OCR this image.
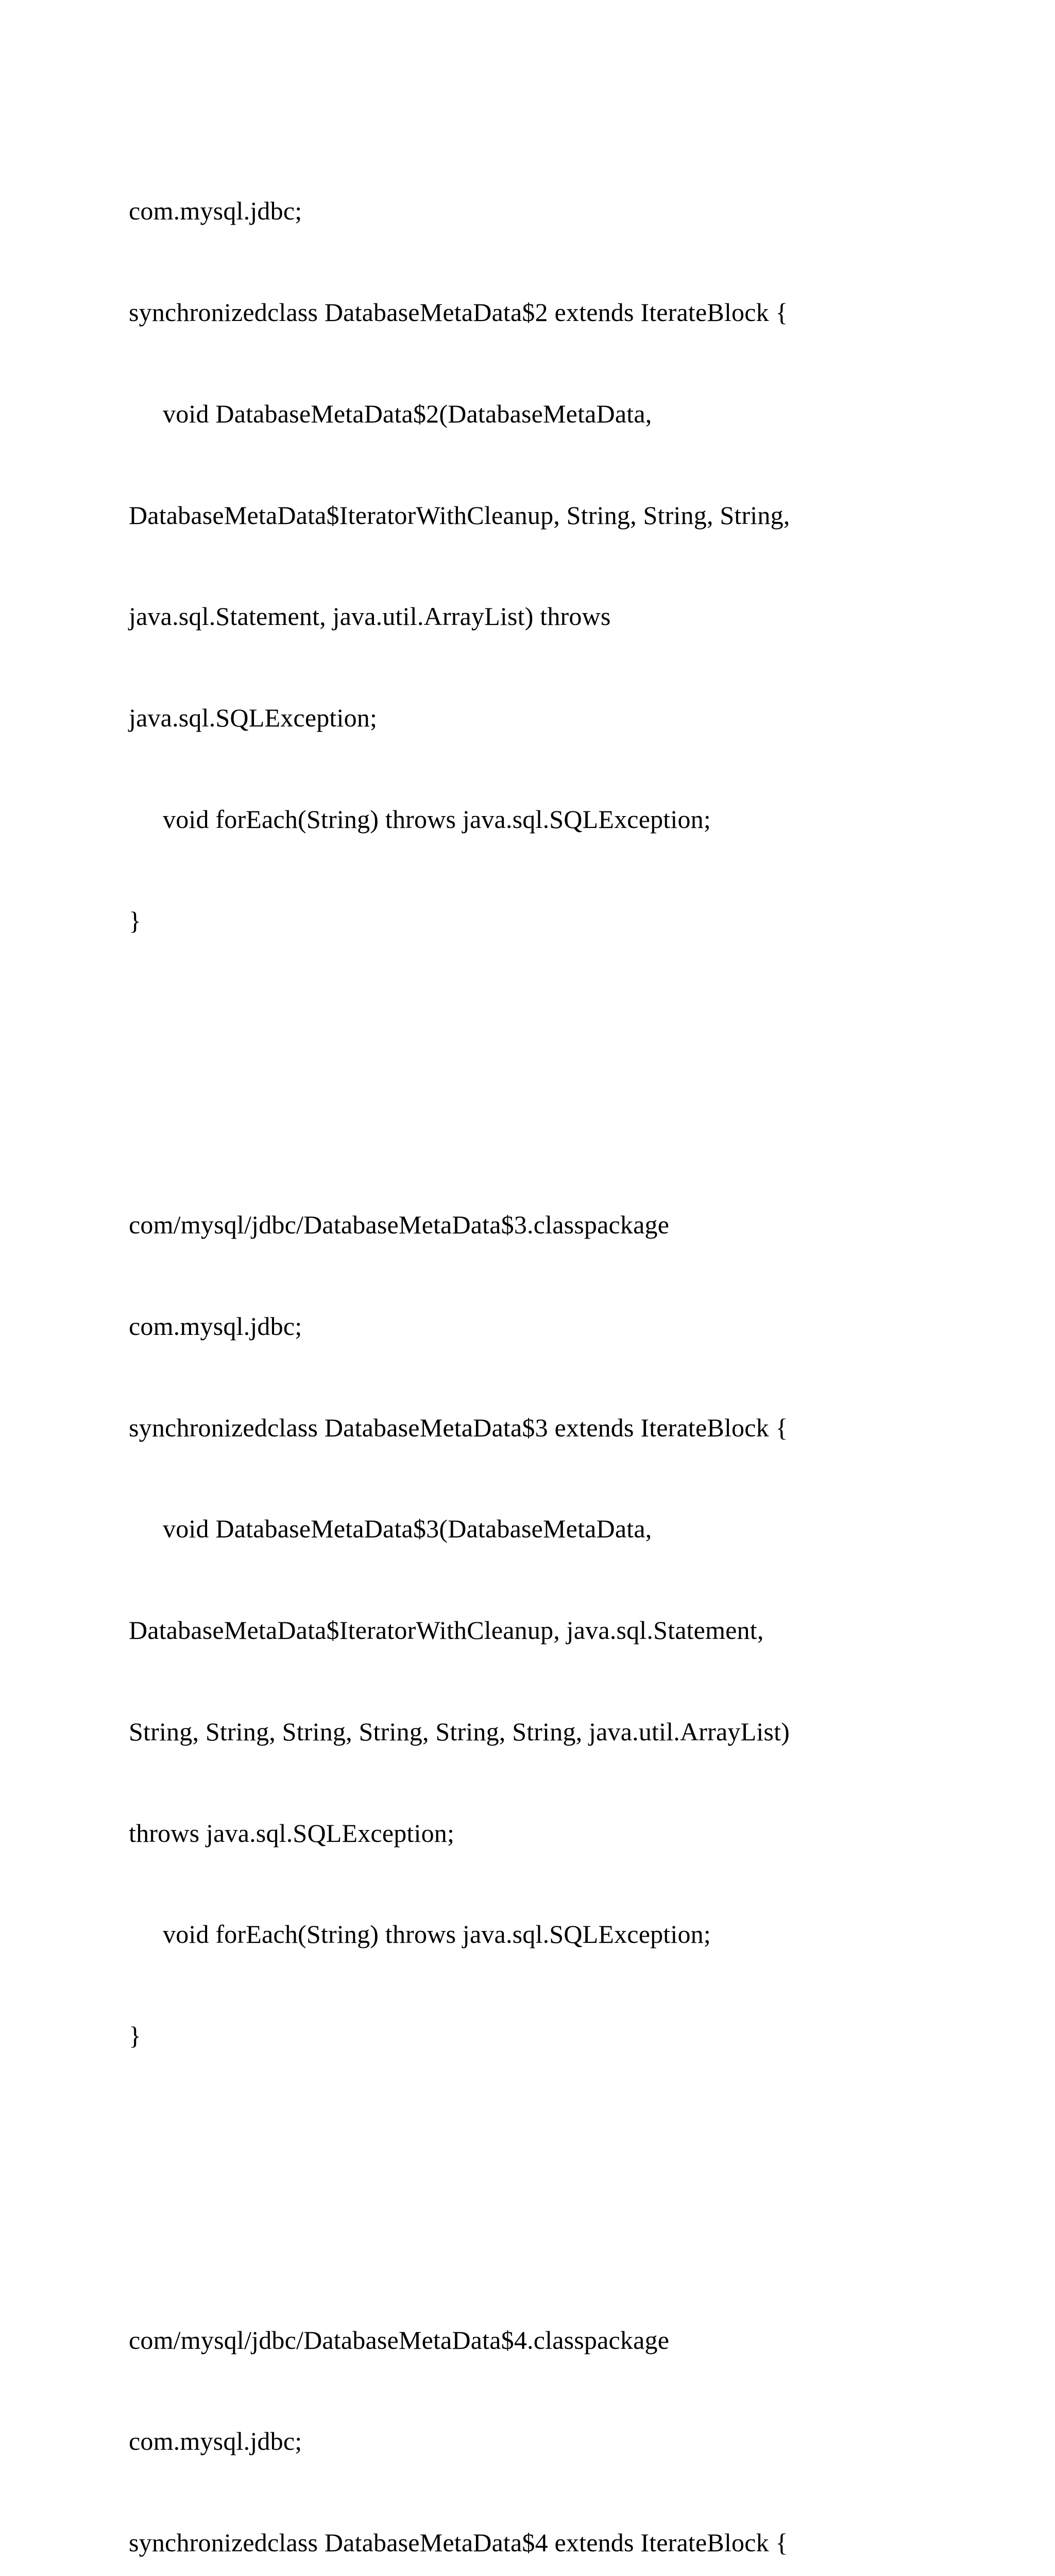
com.mysql.jdbc;

synchronizedclass DatabaseMetaData$2 extends IterateBlock {

void DatabaseMetaData$2(DatabaseMetaData,

DatabaseMetaData$IteratorWithCleanup, String, String, String,

java.sql.Statement, java.util.ArrayList) throws

java.sql.SQLException;

void forEach(String) throws java.sql.SQLException;

}

com/mysql/jdbc/DatabaseMetaData$3.classpackage

com.mysql.jdbc;

synchronizedclass DatabaseMetaData$3 extends IterateBlock {

void DatabaseMetaData$3(DatabaseMetaData,

DatabaseMetaData$IteratorWithCleanup, java.sql.Statement,

String, String, String, String, String, String, java.util.ArrayList)

throws java.sql.SQLException;

void forEach(String) throws java.sql.SQLException;

}

com/mysql/jdbc/DatabaseMetaData$4.classpackage

com.mysql.jdbc;

synchronizedclass DatabaseMetaData$4 extends IterateBlock {
